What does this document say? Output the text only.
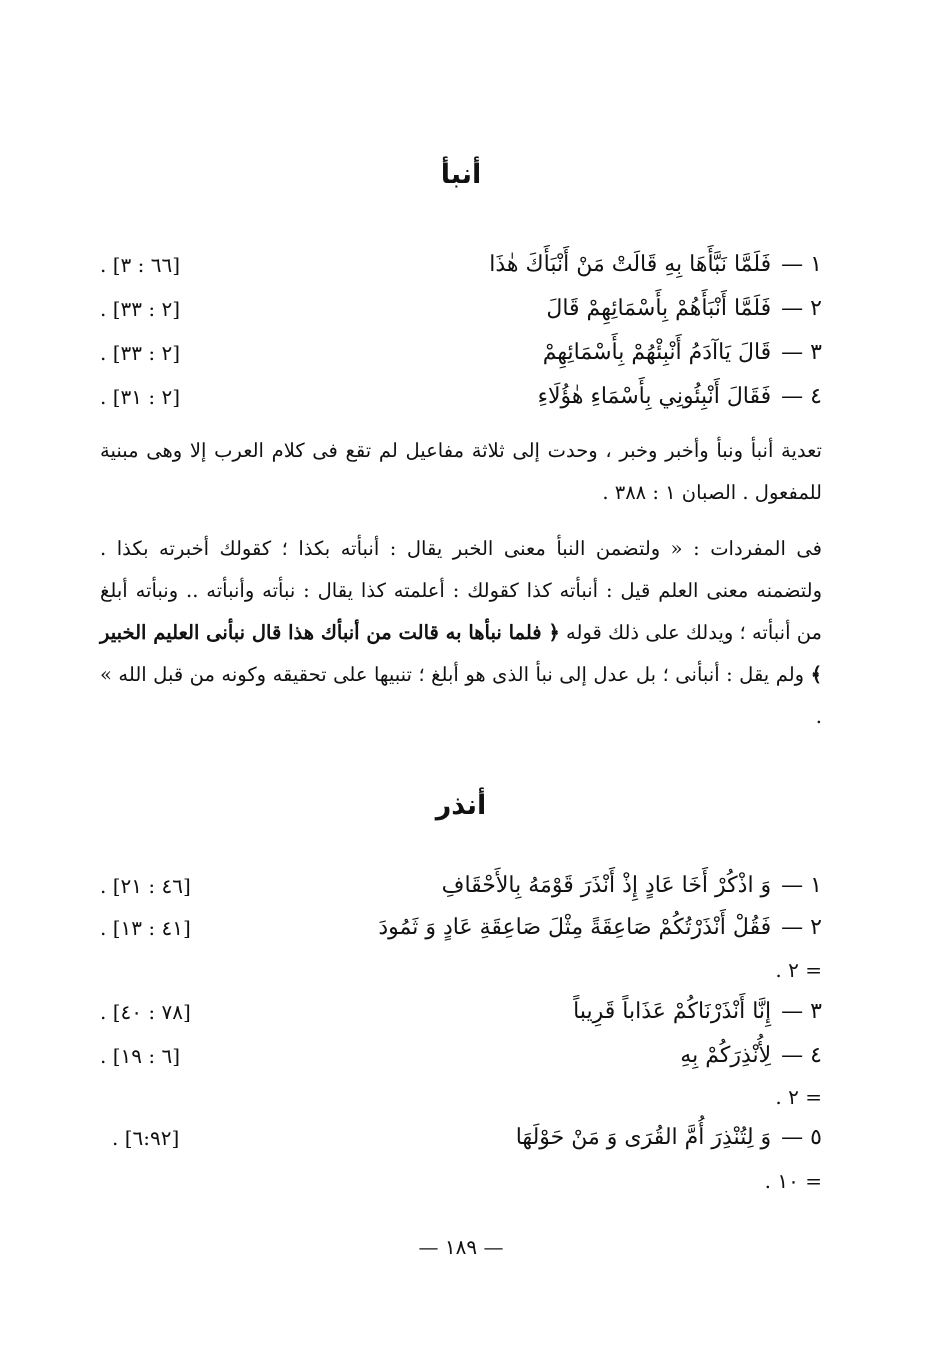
أنبأ
١ —فَلَمَّا نَبَّأَهَا بِهِ قَالَتْ مَنْ أَنْبَأَكَ هٰذَا
[٦٦ : ٣] .
٢ —فَلَمَّا أَنْبَأَهُمْ بِأَسْمَائِهِمْ قَالَ
[٢ : ٣٣] .
٣ —قَالَ يَاآدَمُ أَنْبِئْهُمْ بِأَسْمَائِهِمْ
[٢ : ٣٣] .
٤ —فَقَالَ أَنْبِئُونِي بِأَسْمَاءِ هٰؤُلَاءِ
[٢ : ٣١] .

تعدية أنبأ ونبأ وأخبر وخبر ، وحدت إلى ثلاثة مفاعيل لم تقع فى كلام العرب إلا وهى مبنية للمفعول . الصبان ١ : ٣٨٨ .

فى المفردات : « ولتضمن النبأ معنى الخبر يقال : أنبأته بكذا ؛ كقولك أخبرته بكذا . ولتضمنه معنى العلم قيل : أنبأته كذا كقولك : أعلمته كذا يقال : نبأته وأنبأته .. ونبأته أبلغ من أنبأته ؛ ويدلك على ذلك قوله ﴿ فلما نبأها به قالت من أنبأك هذا قال نبأنى العليم الخبير ﴾ ولم يقل : أنبأنى ؛ بل عدل إلى نبأ الذى هو أبلغ ؛ تنبيها على تحقيقه وكونه من قبل الله » .

أنذر
١ —وَ اذْكُرْ أَخَا عَادٍ إِذْ أَنْذَرَ قَوْمَهُ بِالأَحْقَافِ
[٤٦ : ٢١] .
٢ —فَقُلْ أَنْذَرْتُكُمْ صَاعِقَةً مِثْلَ صَاعِقَةِ عَادٍ وَ ثَمُودَ
[٤١ : ١٣] .
= ٢ .
٣ —إِنَّا أَنْذَرْنَاكُمْ عَذَاباً قَرِيباً
[٧٨ : ٤٠] .
٤ —لِأُنْذِرَكُمْ بِهِ
[٦ : ١٩] .
= ٢ .
٥ —وَ لِتُنْذِرَ أُمَّ القُرَى وَ مَنْ حَوْلَهَا
[٦:٩٢] .
= ١٠ .
— ١٨٩ —
